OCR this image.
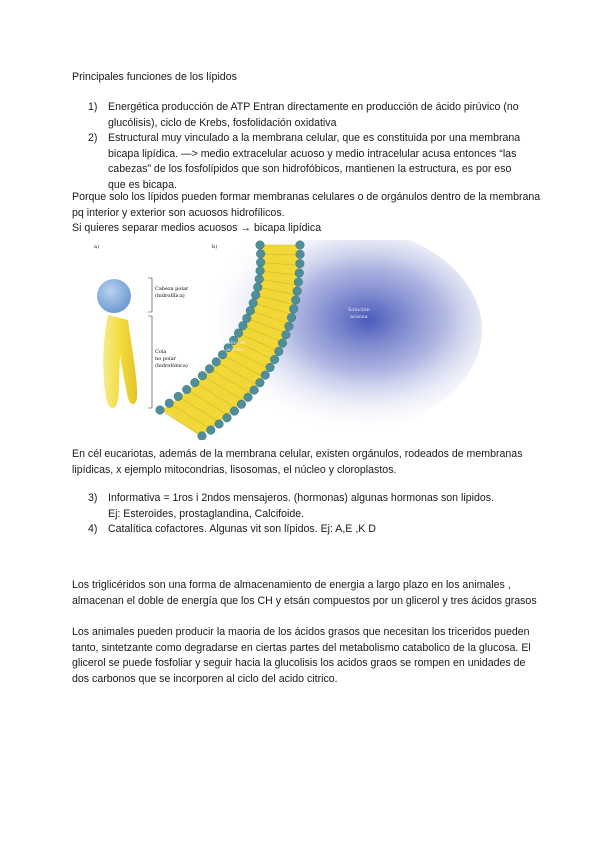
Principales funciones de los lípidos
1) Energética producción de ATP Entran directamente en producción de ácido pirúvico (no glucólisis), ciclo de Krebs, fosfolidación oxidativa
2) Estructural muy vinculado a la membrana celular, que es constituida por una membrana bicapa lipídica. —> medio extracelular acuoso y medio intracelular acusa entonces “las cabezas” de los fosfolípidos que son hidrofóbicos, mantienen la estructura, es por eso que es bicapa.
Porque solo los lípidos pueden formar membranas celulares o de orgánulos dentro de la membrana pq interior y exterior son acuosos hidrofílicos.
Si quieres separar medios acuosos → bicapa lipídica
a)
Cabeza polar
(hidrofílica)
Cola
no polar
(hidrofóbica)
b)
Solución
acuosa
Solución
acuosa
En cél eucariotas, además de la membrana celular, existen orgánulos, rodeados de membranas lipídicas, x ejemplo mitocondrias, lisosomas, el núcleo y cloroplastos.
3) Informativa = 1ros i 2ndos mensajeros. (hormonas) algunas hormonas son lipidos.
Ej: Esteroides, prostaglandina, Calcifoide.
4) Catalítica cofactores. Algunas vit son lípidos. Ej: A,E ,K D
Los triglicéridos son una forma de almacenamiento de energia a largo plazo en los animales , almacenan el doble de energía que los CH y etsán compuestos por un glicerol y tres ácidos grasos
Los animales pueden producir la maoria de los ácidos grasos que necesitan los triceridos pueden tanto, sintetzante como degradarse en ciertas partes del metabolismo catabolico de la glucosa. El glicerol se puede fosfoliar y seguir hacia la glucolisis los acidos graos se rompen en unidades de dos carbonos que se incorporen al ciclo del acido citrico.
